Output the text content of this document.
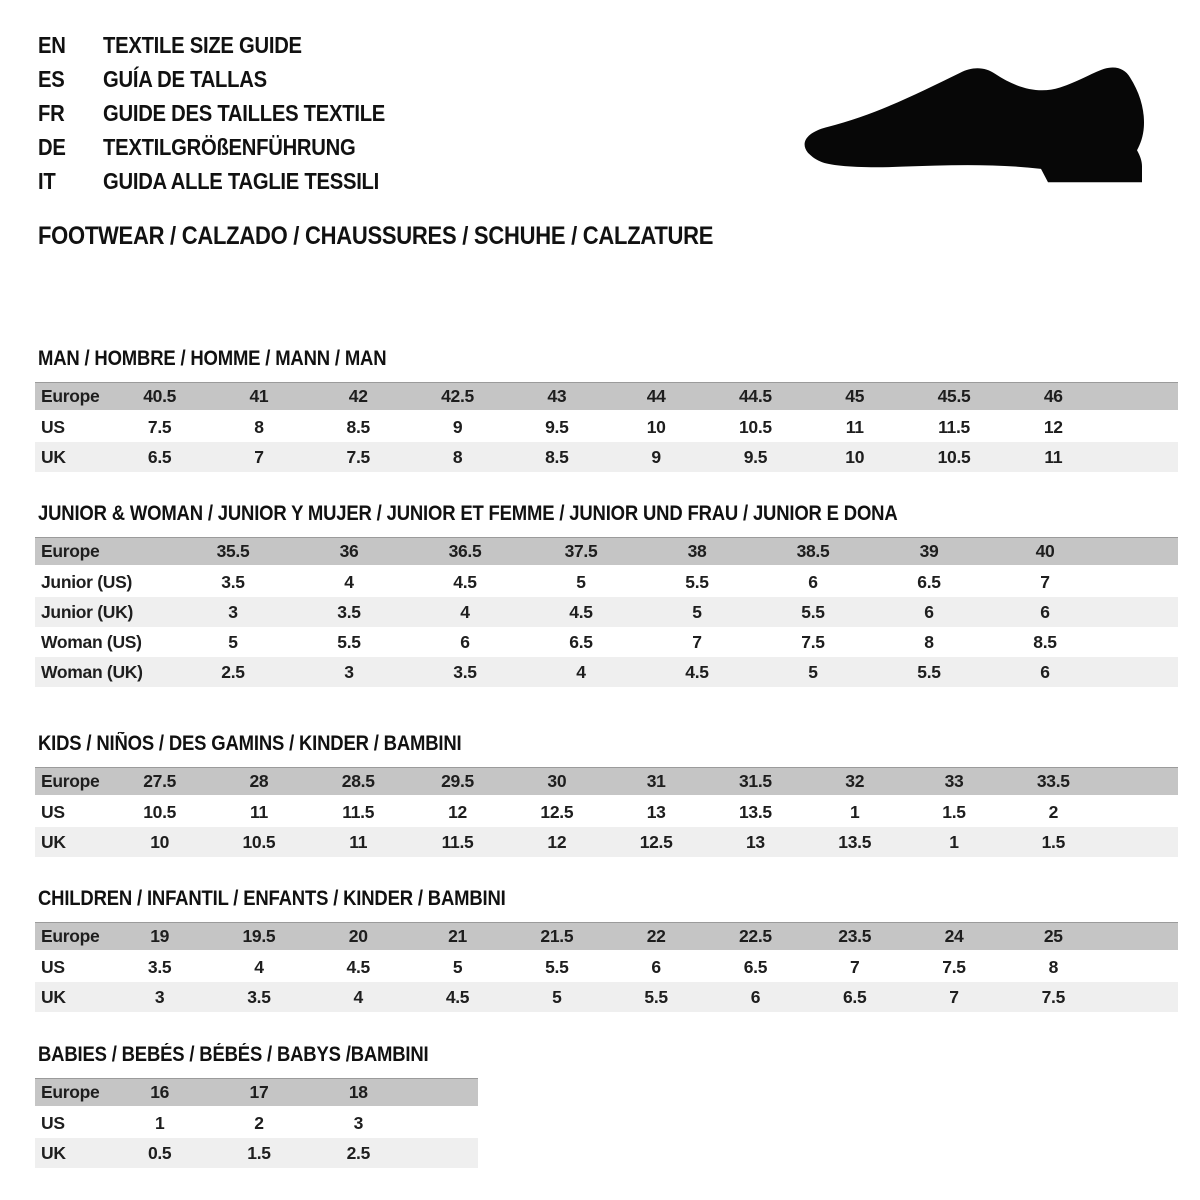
EN	TEXTILE SIZE GUIDE
ES	GUÍA DE TALLAS
FR	GUIDE DES TAILLES TEXTILE
DE	TEXTILGRÖßENFÜHRUNG
IT	GUIDA ALLE TAGLIE TESSILI
FOOTWEAR / CALZADO / CHAUSSURES / SCHUHE / CALZATURE
MAN / HOMBRE / HOMME / MANN / MAN
Europe	40.5	41	42	42.5	43	44	44.5	45	45.5	46	
US	7.5	8	8.5	9	9.5	10	10.5	11	11.5	12	
UK	6.5	7	7.5	8	8.5	9	9.5	10	10.5	11	
JUNIOR & WOMAN / JUNIOR Y MUJER / JUNIOR ET FEMME / JUNIOR UND FRAU / JUNIOR E DONA
Europe	35.5	36	36.5	37.5	38	38.5	39	40	
Junior (US)	3.5	4	4.5	5	5.5	6	6.5	7	
Junior (UK)	3	3.5	4	4.5	5	5.5	6	6	
Woman (US)	5	5.5	6	6.5	7	7.5	8	8.5	
Woman (UK)	2.5	3	3.5	4	4.5	5	5.5	6	
KIDS / NIÑOS / DES GAMINS / KINDER / BAMBINI
Europe	27.5	28	28.5	29.5	30	31	31.5	32	33	33.5	
US	10.5	11	11.5	12	12.5	13	13.5	1	1.5	2	
UK	10	10.5	11	11.5	12	12.5	13	13.5	1	1.5	
CHILDREN / INFANTIL / ENFANTS / KINDER / BAMBINI
Europe	19	19.5	20	21	21.5	22	22.5	23.5	24	25	
US	3.5	4	4.5	5	5.5	6	6.5	7	7.5	8	
UK	3	3.5	4	4.5	5	5.5	6	6.5	7	7.5	
BABIES / BEBÉS / BÉBÉS / BABYS /BAMBINI
Europe	16	17	18	
US	1	2	3	
UK	0.5	1.5	2.5	
